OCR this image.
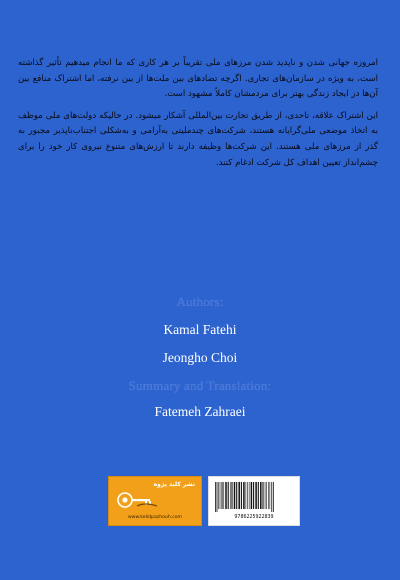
امروزه جهانی شدن و ناپدید شدن مرزهای ملی تقریباً بر هر کاری که ما انجام میدهیم تأثیر گذاشته است، به ویژه در سازمان‌های تجاری. اگرچه تضادهای بین ملت‌ها از بین نرفته، اما اشتراک منافع بین آن‌ها در ایجاد زندگی بهتر برای مردمشان کاملاً مشهود است.

این اشتراک علاقه، تاحدی، از طریق تجارت بین‌المللی آشکار میشود. در حالیکه دولت‌های ملی موظف به اتخاذ موضعی ملی‌گرایانه هستند، شرکت‌های چندملیتی به‌آرامی و به‌شکلی اجتناب‌ناپذیر مجبور به گذر از مرزهای ملی هستند. این شرکت‌ها وظیفه دارند تا ارزش‌های متنوع نیروی کار خود را برای چشم‌انداز تعیین اهداف کل شرکت ادغام کنند.

Authors:
Kamal Fatehi
Jeongho Choi
Summary and Translation:
Fatemeh Zahraei
نشر کلید پژوه
www.kelidpazhouh.com	9786225922839
